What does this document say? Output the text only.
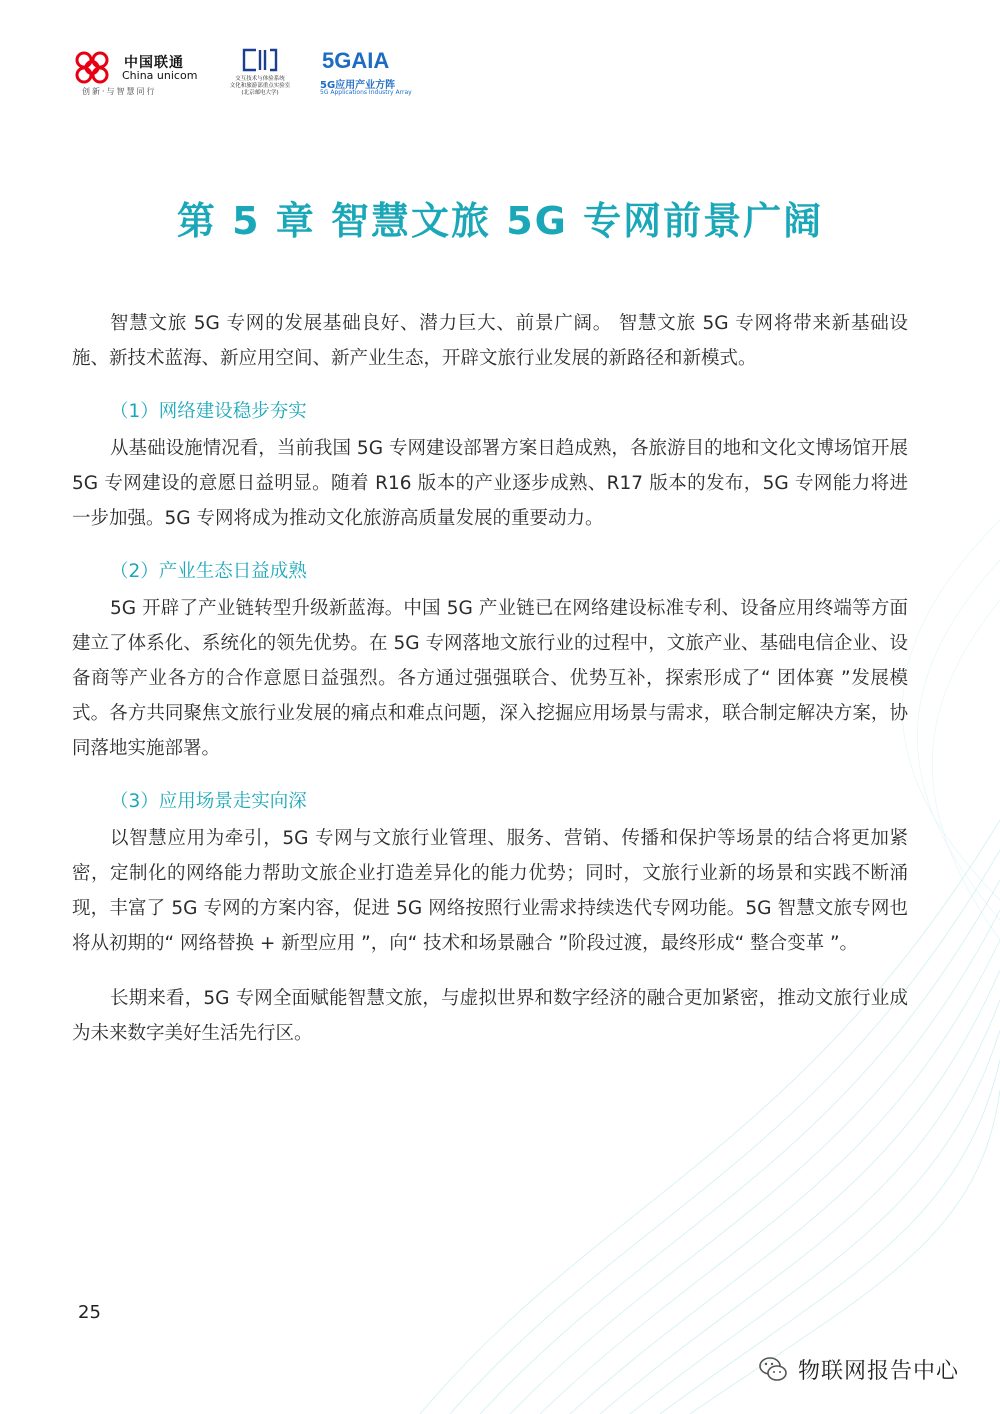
中国联通
China unicom
创新·与智慧同行
交互技术与体验系统
文化和旅游部重点实验室
(北京邮电大学)
5GAIA
5G应用产业方阵
5G Applications Industry Array
第 5 章 智慧文旅 5G 专网前景广阔

智慧文旅 5G 专网的发展基础良好、潜力巨大、前景广阔。 智慧文旅 5G 专网将带来新基础设施、新技术蓝海、新应用空间、新产业生态，开辟文旅行业发展的新路径和新模式。

（1）网络建设稳步夯实

从基础设施情况看，当前我国 5G 专网建设部署方案日趋成熟，各旅游目的地和文化文博场馆开展 5G 专网建设的意愿日益明显。随着 R16 版本的产业逐步成熟、R17 版本的发布，5G 专网能力将进一步加强。5G 专网将成为推动文化旅游高质量发展的重要动力。

（2）产业生态日益成熟

5G 开辟了产业链转型升级新蓝海。中国 5G 产业链已在网络建设标准专利、设备应用终端等方面建立了体系化、系统化的领先优势。在 5G 专网落地文旅行业的过程中，文旅产业、基础电信企业、设备商等产业各方的合作意愿日益强烈。各方通过强强联合、优势互补，探索形成了“ 团体赛 ”发展模式。各方共同聚焦文旅行业发展的痛点和难点问题，深入挖掘应用场景与需求，联合制定解决方案，协同落地实施部署。

（3）应用场景走实向深

以智慧应用为牵引，5G 专网与文旅行业管理、服务、营销、传播和保护等场景的结合将更加紧密，定制化的网络能力帮助文旅企业打造差异化的能力优势；同时，文旅行业新的场景和实践不断涌现，丰富了 5G 专网的方案内容，促进 5G 网络按照行业需求持续迭代专网功能。5G 智慧文旅专网也将从初期的“ 网络替换 + 新型应用 ”，向“ 技术和场景融合 ”阶段过渡，最终形成“ 整合变革 ”。

长期来看，5G 专网全面赋能智慧文旅，与虚拟世界和数字经济的融合更加紧密，推动文旅行业成为未来数字美好生活先行区。

25
物联网报告中心
